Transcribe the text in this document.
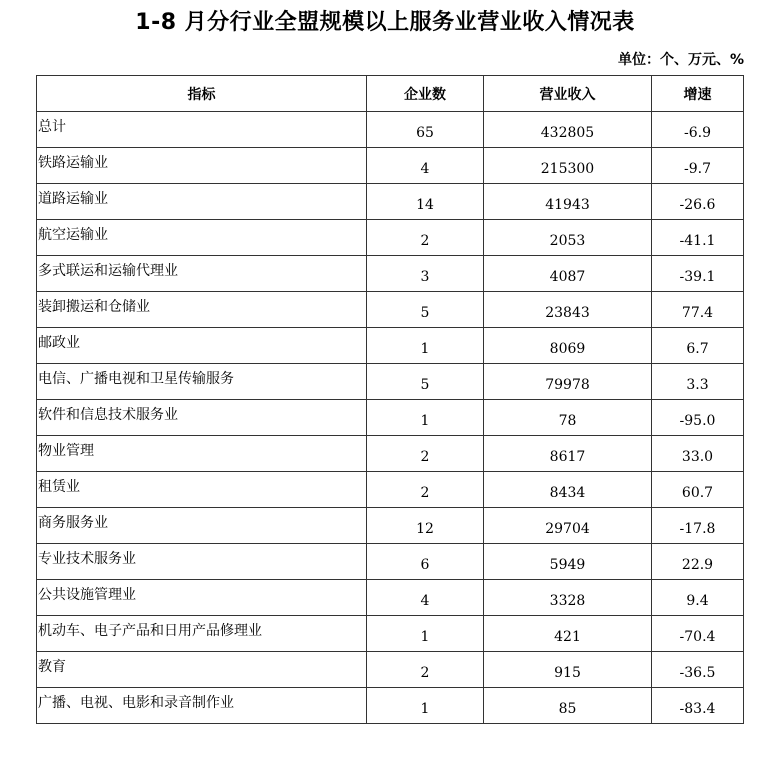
1-8 月分行业全盟规模以上服务业营业收入情况表
单位：个、万元、%
指标	企业数	营业收入	增速
总计	65	432805	-6.9
铁路运输业	4	215300	-9.7
道路运输业	14	41943	-26.6
航空运输业	2	2053	-41.1
多式联运和运输代理业	3	4087	-39.1
装卸搬运和仓储业	5	23843	77.4
邮政业	1	8069	6.7
电信、广播电视和卫星传输服务	5	79978	3.3
软件和信息技术服务业	1	78	-95.0
物业管理	2	8617	33.0
租赁业	2	8434	60.7
商务服务业	12	29704	-17.8
专业技术服务业	6	5949	22.9
公共设施管理业	4	3328	9.4
机动车、电子产品和日用产品修理业	1	421	-70.4
教育	2	915	-36.5
广播、电视、电影和录音制作业	1	85	-83.4
